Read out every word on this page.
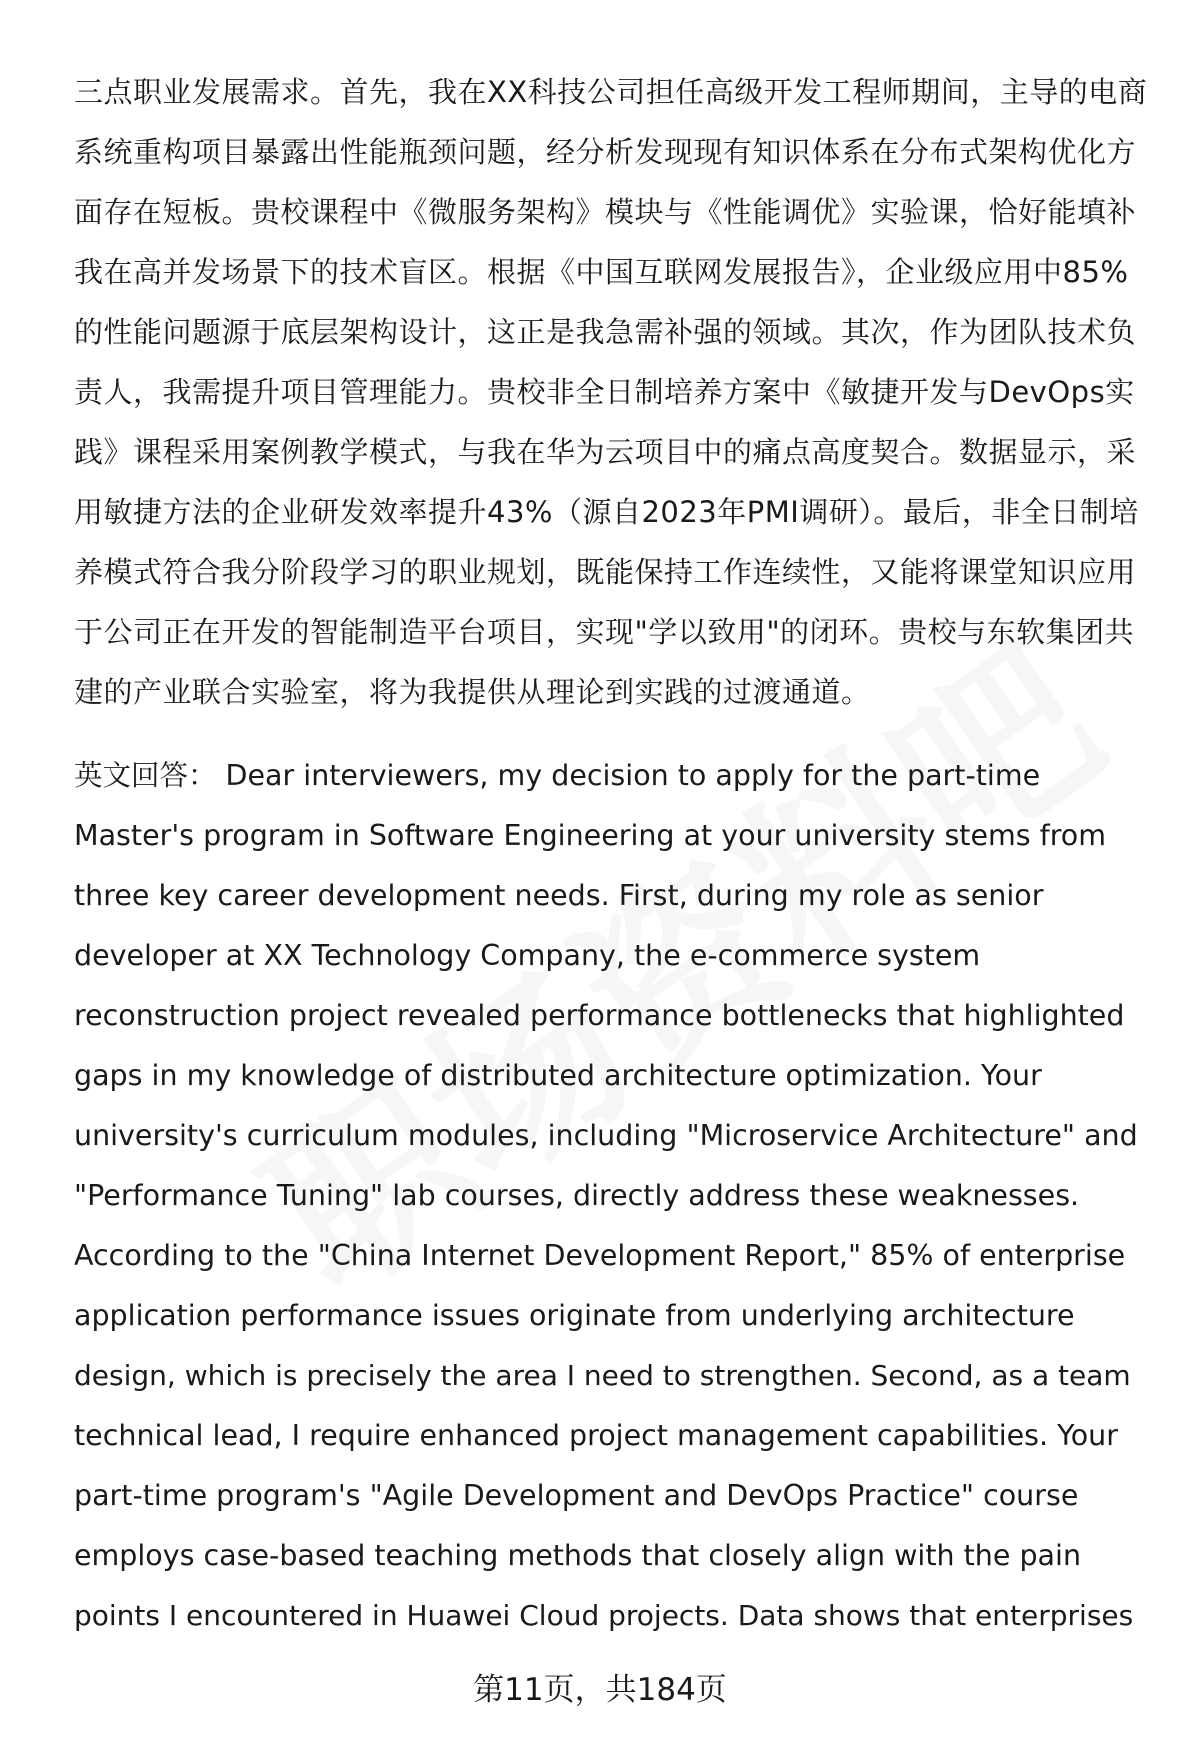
三点职业发展需求。首先，我在XX科技公司担任高级开发工程师期间，主导的电商
系统重构项目暴露出性能瓶颈问题，经分析发现现有知识体系在分布式架构优化方
面存在短板。贵校课程中《微服务架构》模块与《性能调优》实验课，恰好能填补
我在高并发场景下的技术盲区。根据《中国互联网发展报告》，企业级应用中85%
的性能问题源于底层架构设计，这正是我急需补强的领域。其次，作为团队技术负
责人，我需提升项目管理能力。贵校非全日制培养方案中《敏捷开发与DevOps实
践》课程采用案例教学模式，与我在华为云项目中的痛点高度契合。数据显示，采
用敏捷方法的企业研发效率提升43%（源自2023年PMI调研）。最后，非全日制培
养模式符合我分阶段学习的职业规划，既能保持工作连续性，又能将课堂知识应用
于公司正在开发的智能制造平台项目，实现"学以致用"的闭环。贵校与东软集团共
建的产业联合实验室，将为我提供从理论到实践的过渡通道。
英文回答： Dear interviewers, my decision to apply for the part-time
Master's program in Software Engineering at your university stems from
three key career development needs. First, during my role as senior
developer at XX Technology Company, the e-commerce system
reconstruction project revealed performance bottlenecks that highlighted
gaps in my knowledge of distributed architecture optimization. Your
university's curriculum modules, including "Microservice Architecture" and
"Performance Tuning" lab courses, directly address these weaknesses.
According to the "China Internet Development Report," 85% of enterprise
application performance issues originate from underlying architecture
design, which is precisely the area I need to strengthen. Second, as a team
technical lead, I require enhanced project management capabilities. Your
part-time program's "Agile Development and DevOps Practice" course
employs case-based teaching methods that closely align with the pain
points I encountered in Huawei Cloud projects. Data shows that enterprises
第11页，共184页
